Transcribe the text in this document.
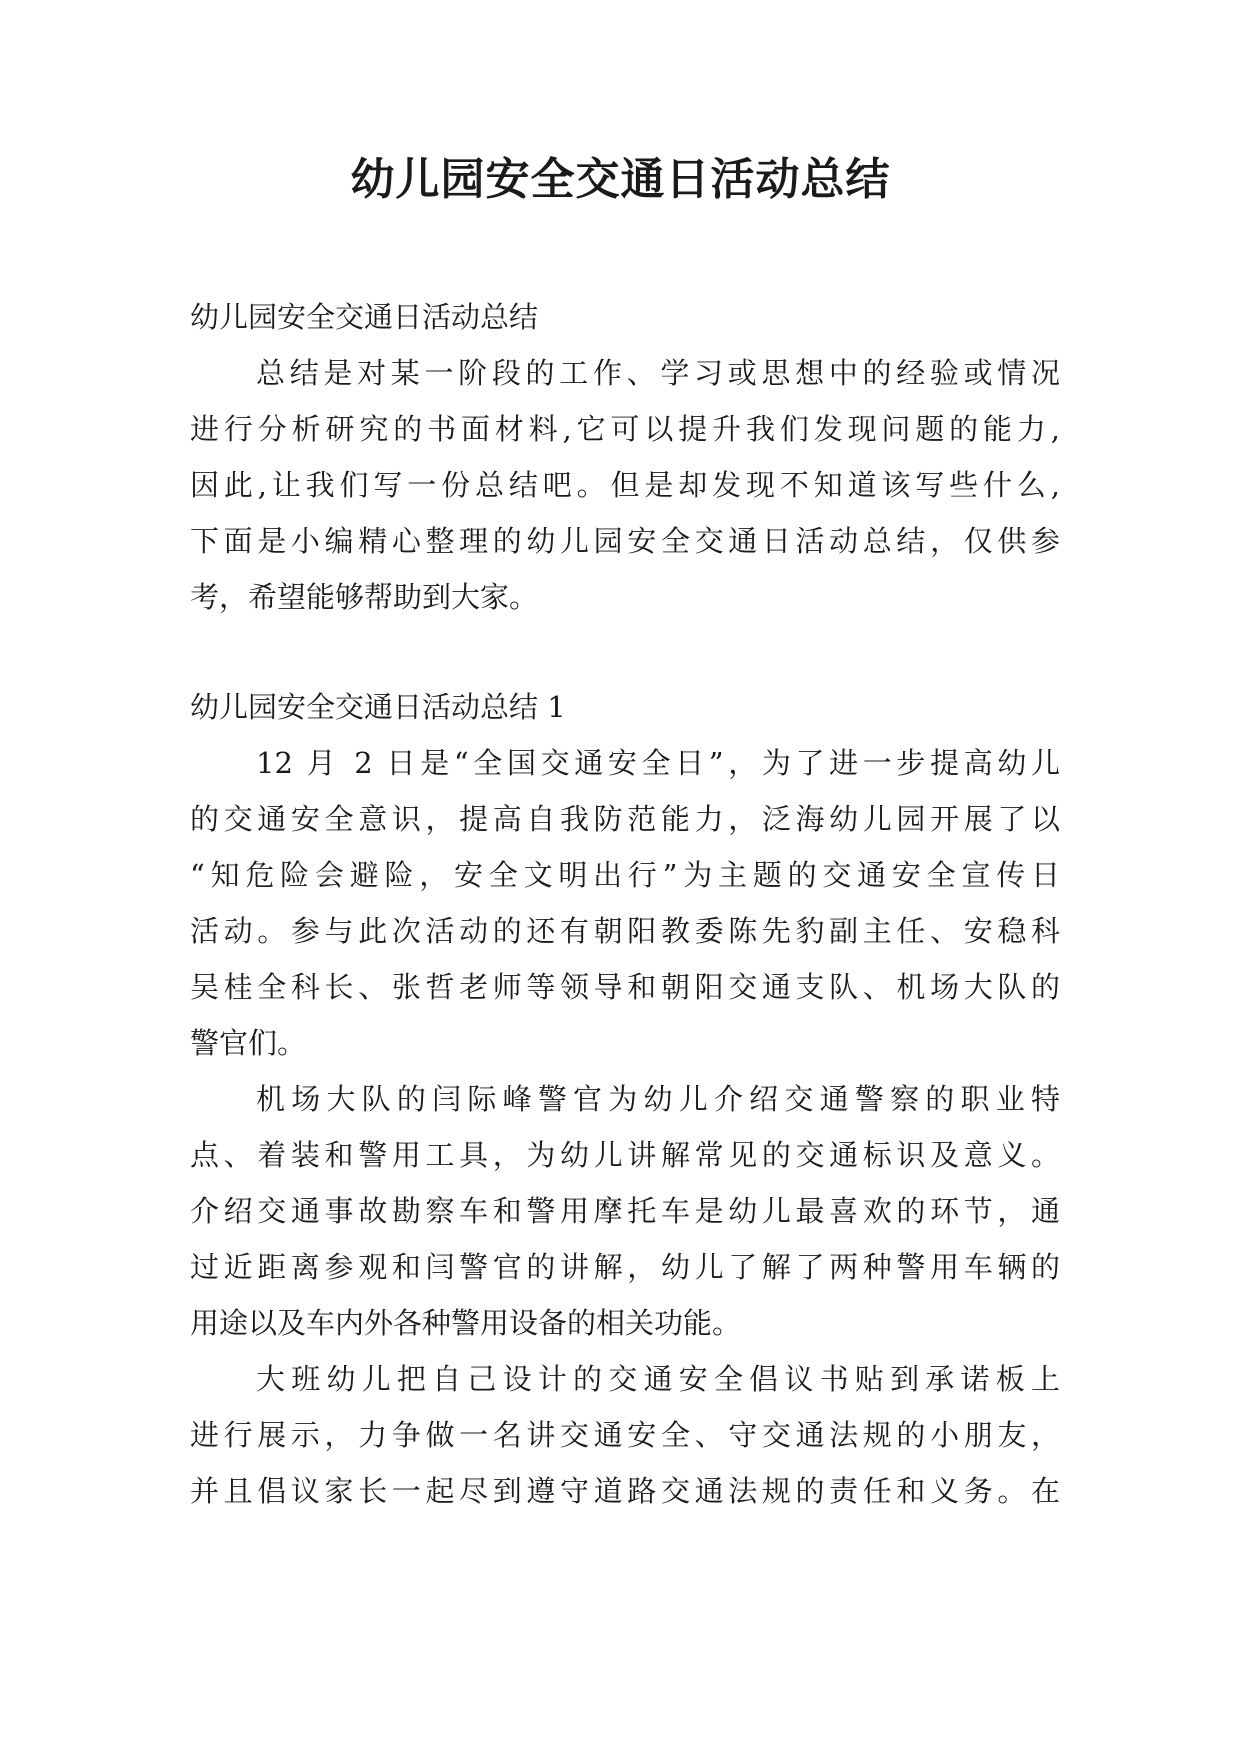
幼儿园安全交通日活动总结
幼儿园安全交通日活动总结
总结是对某一阶段的工作、学习或思想中的经验或情况
进行分析研究的书面材料,它可以提升我们发现问题的能力,
因此,让我们写一份总结吧。但是却发现不知道该写些什么,
下面是小编精心整理的幼儿园安全交通日活动总结，仅供参
考，希望能够帮助到大家。
幼儿园安全交通日活动总结 1
12 月 2 日是“全国交通安全日”，为了进一步提高幼儿
的交通安全意识，提高自我防范能力，泛海幼儿园开展了以
“知危险会避险，安全文明出行”为主题的交通安全宣传日
活动。参与此次活动的还有朝阳教委陈先豹副主任、安稳科
吴桂全科长、张哲老师等领导和朝阳交通支队、机场大队的
警官们。
机场大队的闫际峰警官为幼儿介绍交通警察的职业特
点、着装和警用工具，为幼儿讲解常见的交通标识及意义。
介绍交通事故勘察车和警用摩托车是幼儿最喜欢的环节，通
过近距离参观和闫警官的讲解，幼儿了解了两种警用车辆的
用途以及车内外各种警用设备的相关功能。
大班幼儿把自己设计的交通安全倡议书贴到承诺板上
进行展示，力争做一名讲交通安全、守交通法规的小朋友，
并且倡议家长一起尽到遵守道路交通法规的责任和义务。在
